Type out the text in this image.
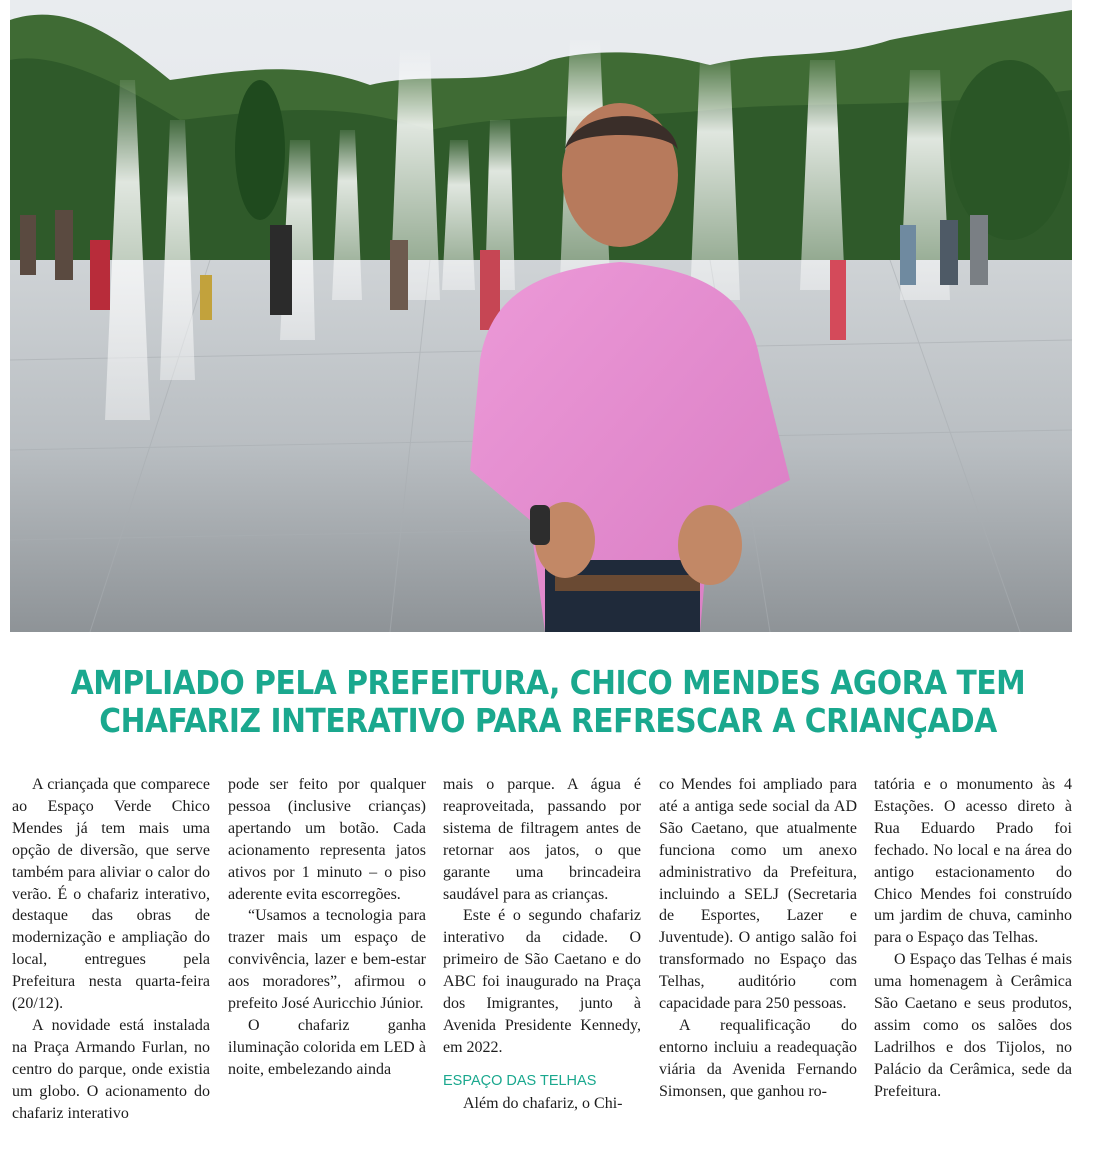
AMPLIADO PELA PREFEITURA, CHICO MENDES AGORA TEM
CHAFARIZ INTERATIVO PARA REFRESCAR A CRIANÇADA

A criançada que comparece ao Espaço Verde Chico Mendes já tem mais uma opção de diversão, que serve também para aliviar o calor do verão. É o chafariz interativo, destaque das obras de modernização e ampliação do local, entregues pela Prefeitura nesta quarta-feira (20/12).

A novidade está instalada na Praça Armando Furlan, no centro do parque, onde existia um globo. O acionamento do chafariz interativo

pode ser feito por qualquer pessoa (inclusive crianças) apertando um botão. Cada acionamento representa jatos ativos por 1 minuto – o piso aderente evita escorregões.

“Usamos a tecnologia para trazer mais um espaço de convivência, lazer e bem-estar aos moradores”, afirmou o prefeito José Auricchio Júnior.

O chafariz ganha iluminação colorida em LED à noite, embelezando ainda

mais o parque. A água é reaproveitada, passando por sistema de filtragem antes de retornar aos jatos, o que garante uma brincadeira saudável para as crianças.

Este é o segundo chafariz interativo da cidade. O primeiro de São Caetano e do ABC foi inaugurado na Praça dos Imigrantes, junto à Avenida Presidente Kennedy, em 2022.

ESPAÇO DAS TELHAS

Além do chafariz, o Chi-

co Mendes foi ampliado para até a antiga sede social da AD São Caetano, que atualmente funciona como um anexo administrativo da Prefeitura, incluindo a SELJ (Secretaria de Esportes, Lazer e Juventude). O antigo salão foi transformado no Espaço das Telhas, auditório com capacidade para 250 pessoas.

A requalificação do entorno incluiu a readequação viária da Avenida Fernando Simonsen, que ganhou ro-

tatória e o monumento às 4 Estações. O acesso direto à Rua Eduardo Prado foi fechado. No local e na área do antigo estacionamento do Chico Mendes foi construído um jardim de chuva, caminho para o Espaço das Telhas.

O Espaço das Telhas é mais uma homenagem à Cerâmica São Caetano e seus produtos, assim como os salões dos Ladrilhos e dos Tijolos, no Palácio da Cerâmica, sede da Prefeitura.
